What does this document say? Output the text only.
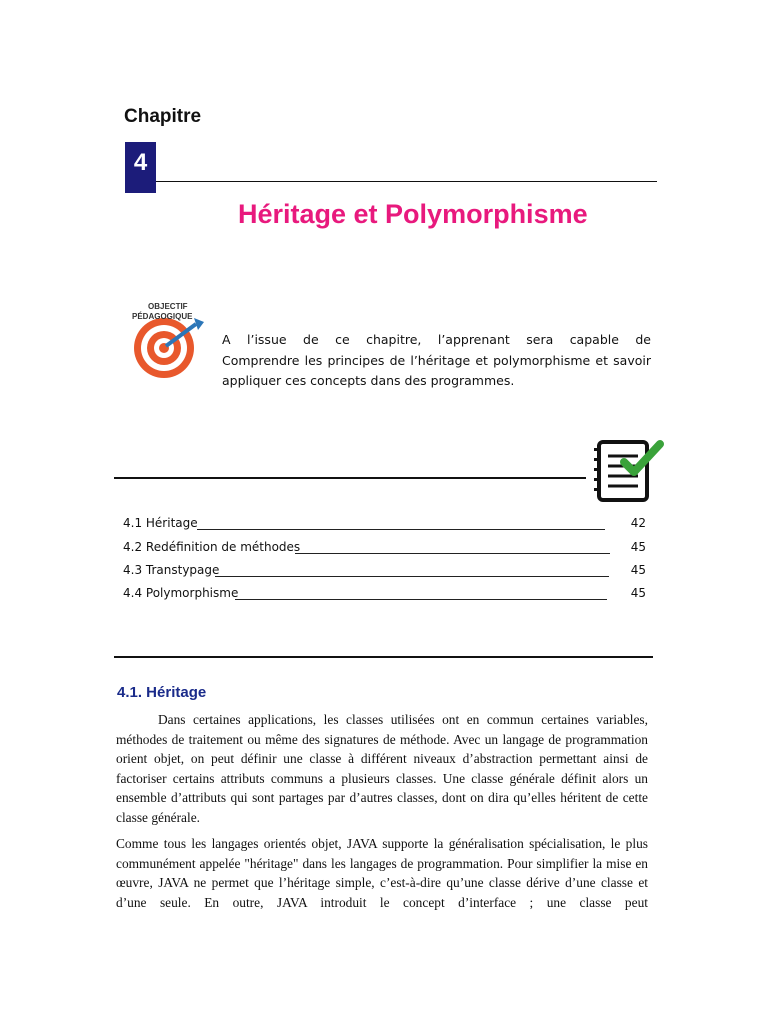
Chapitre
4
Héritage et Polymorphisme
OBJECTIF
PÉDAGOGIQUE
A l’issue de ce chapitre, l’apprenant sera capable de
Comprendre les principes de l’héritage et polymorphisme et savoir
appliquer ces concepts dans des programmes.
4.1 Héritage	42
4.2 Redéfinition de méthodes	45
4.3 Transtypage	45
4.4 Polymorphisme	45
4.1. Héritage
Dans certaines applications, les classes utilisées ont en commun certaines variables, méthodes de traitement ou même des signatures de méthode. Avec un langage de programmation orient objet, on peut définir une classe à différent niveaux d’abstraction permettant ainsi de factoriser certains attributs communs a plusieurs classes. Une classe générale définit alors un ensemble d’attributs qui sont partages par d’autres classes, dont on dira qu’elles héritent de cette classe générale.
Comme tous les langages orientés objet, JAVA supporte la généralisation spécialisation, le plus communément appelée "héritage" dans les langages de programmation. Pour simplifier la mise en œuvre, JAVA ne permet que l’héritage simple, c’est-à-dire qu’une classe dérive d’une classe et d’une seule. En outre, JAVA introduit le concept d’interface ; une classe peut
